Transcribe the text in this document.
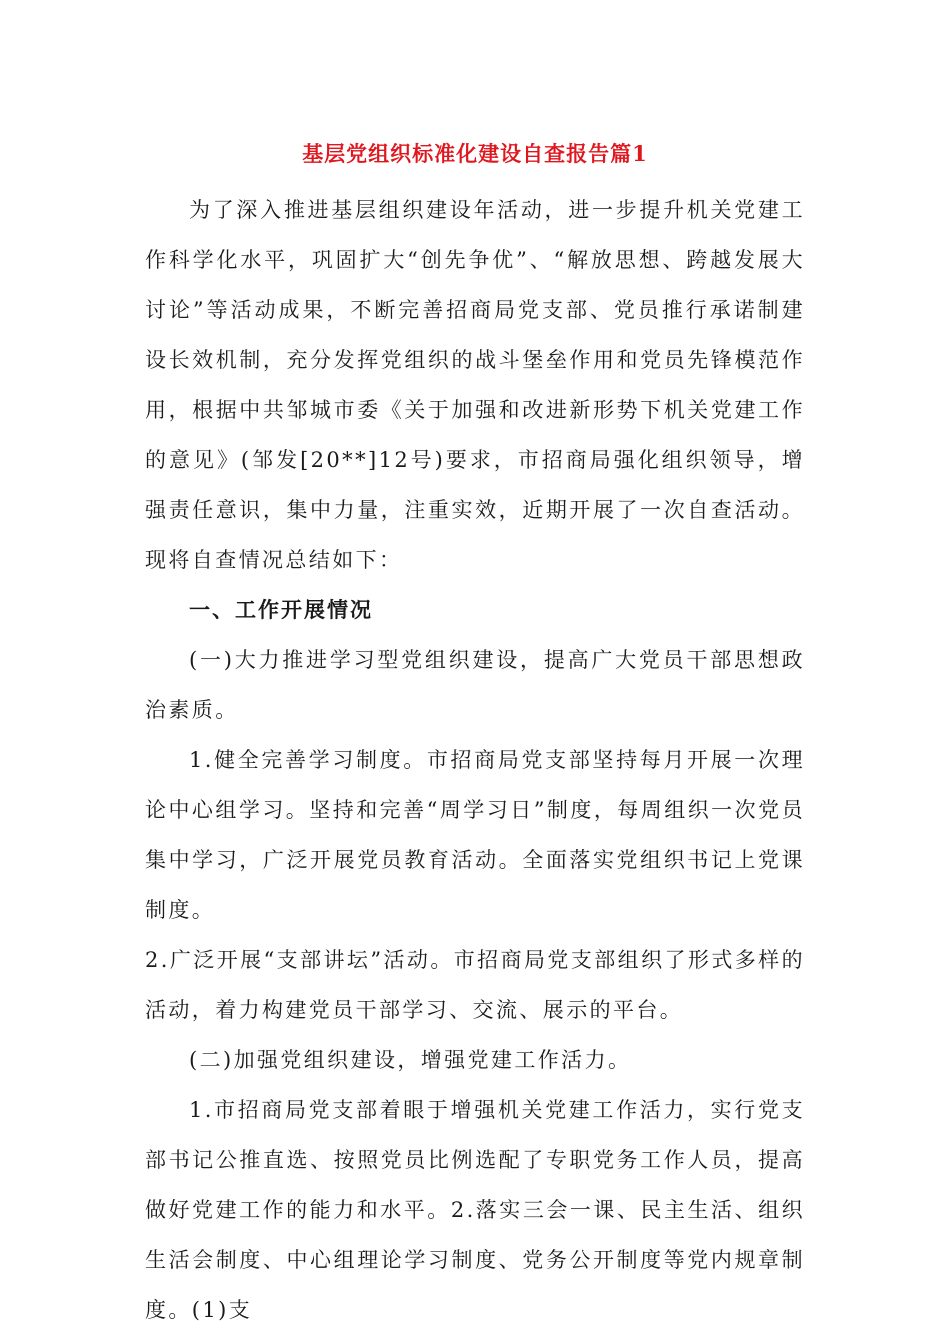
基层党组织标准化建设自查报告篇1

为了深入推进基层组织建设年活动，进一步提升机关党建工作科学化水平，巩固扩大“创先争优”、“解放思想、跨越发展大讨论”等活动成果，不断完善招商局党支部、党员推行承诺制建设长效机制，充分发挥党组织的战斗堡垒作用和党员先锋模范作用，根据中共邹城市委《关于加强和改进新形势下机关党建工作的意见》(邹发[20**]12号)要求，市招商局强化组织领导，增强责任意识，集中力量，注重实效，近期开展了一次自查活动。现将自查情况总结如下：

一、工作开展情况

(一)大力推进学习型党组织建设，提高广大党员干部思想政治素质。

1.健全完善学习制度。市招商局党支部坚持每月开展一次理论中心组学习。坚持和完善“周学习日”制度，每周组织一次党员集中学习，广泛开展党员教育活动。全面落实党组织书记上党课制度。

2.广泛开展“支部讲坛”活动。市招商局党支部组织了形式多样的活动，着力构建党员干部学习、交流、展示的平台。

(二)加强党组织建设，增强党建工作活力。

1.市招商局党支部着眼于增强机关党建工作活力，实行党支部书记公推直选、按照党员比例选配了专职党务工作人员，提高做好党建工作的能力和水平。2.落实三会一课、民主生活、组织生活会制度、中心组理论学习制度、党务公开制度等党内规章制度。(1)支
